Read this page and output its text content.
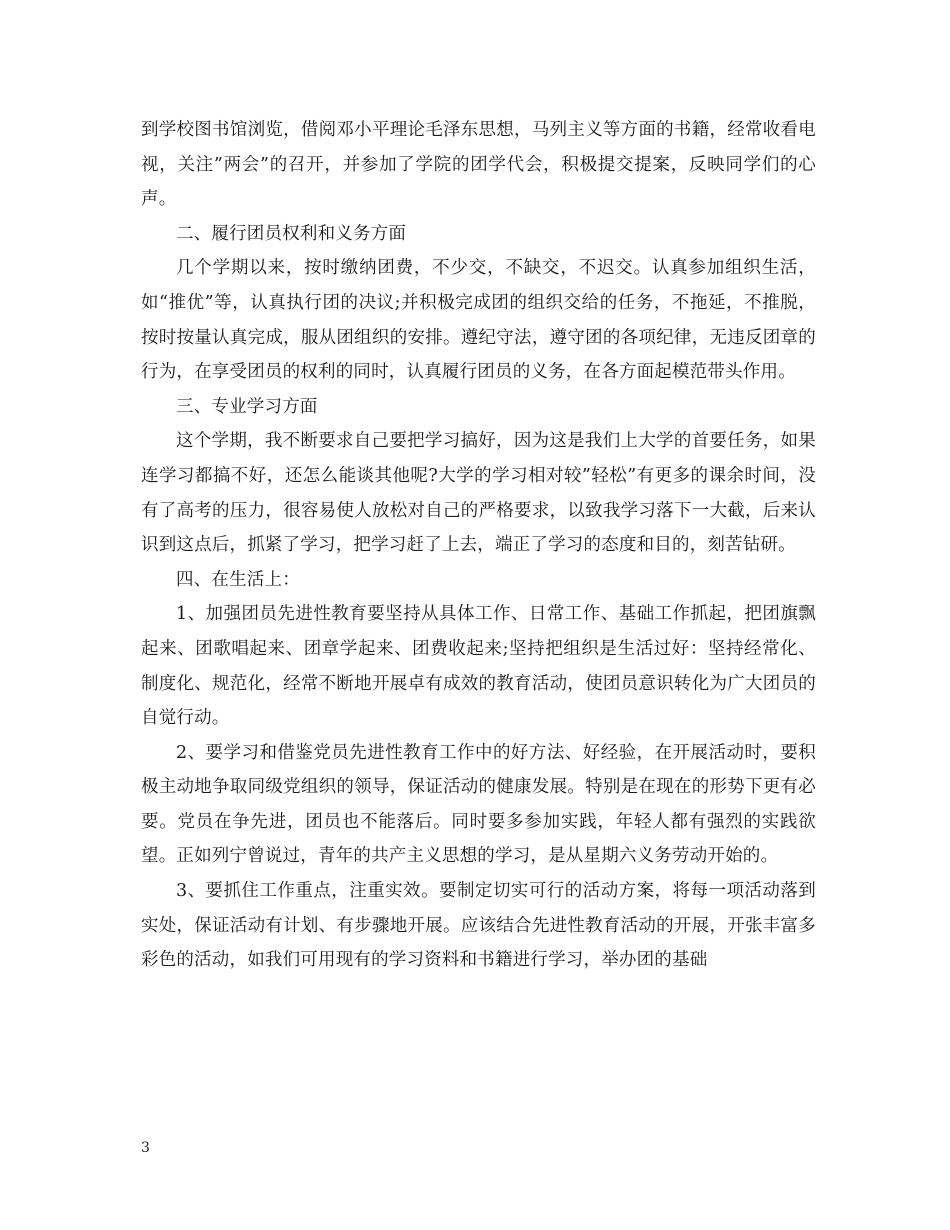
到学校图书馆浏览，借阅邓小平理论毛泽东思想，马列主义等方面的书籍，经常收看电视，关注”两会”的召开，并参加了学院的团学代会，积极提交提案，反映同学们的心声。

二、履行团员权利和义务方面

几个学期以来，按时缴纳团费，不少交，不缺交，不迟交。认真参加组织生活，如“推优”等，认真执行团的决议;并积极完成团的组织交给的任务，不拖延，不推脱，按时按量认真完成，服从团组织的安排。遵纪守法，遵守团的各项纪律，无违反团章的行为，在享受团员的权利的同时，认真履行团员的义务，在各方面起模范带头作用。

三、专业学习方面

这个学期，我不断要求自己要把学习搞好，因为这是我们上大学的首要任务，如果连学习都搞不好，还怎么能谈其他呢?大学的学习相对较”轻松”有更多的课余时间，没有了高考的压力，很容易使人放松对自己的严格要求，以致我学习落下一大截，后来认识到这点后，抓紧了学习，把学习赶了上去，端正了学习的态度和目的，刻苦钻研。

四、在生活上：

1、加强团员先进性教育要坚持从具体工作、日常工作、基础工作抓起，把团旗飘起来、团歌唱起来、团章学起来、团费收起来;坚持把组织是生活过好：坚持经常化、制度化、规范化，经常不断地开展卓有成效的教育活动，使团员意识转化为广大团员的自觉行动。

2、要学习和借鉴党员先进性教育工作中的好方法、好经验，在开展活动时，要积极主动地争取同级党组织的领导，保证活动的健康发展。特别是在现在的形势下更有必要。党员在争先进，团员也不能落后。同时要多参加实践，年轻人都有强烈的实践欲望。正如列宁曾说过，青年的共产主义思想的学习，是从星期六义务劳动开始的。

3、要抓住工作重点，注重实效。要制定切实可行的活动方案，将每一项活动落到实处，保证活动有计划、有步骤地开展。应该结合先进性教育活动的开展，开张丰富多彩色的活动，如我们可用现有的学习资料和书籍进行学习，举办团的基础

3
